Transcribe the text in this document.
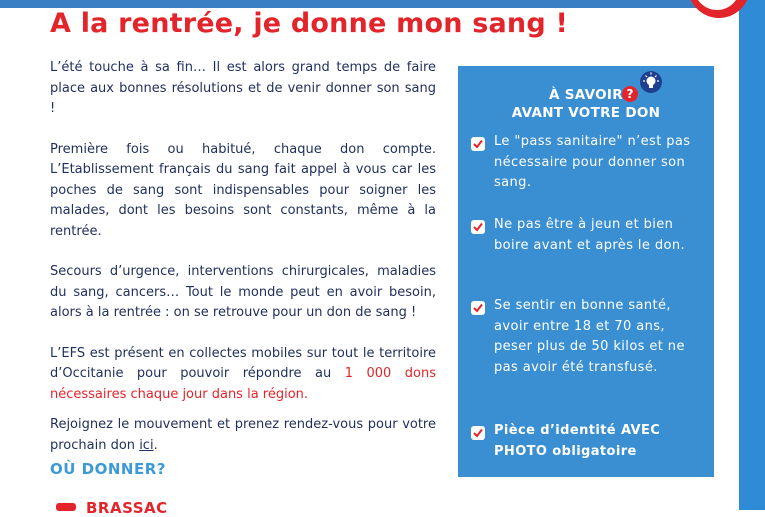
A la rentrée, je donne mon sang !

L’été touche à sa fin… Il est alors grand temps de faire place aux bonnes résolutions et de venir donner son sang !

Première fois ou habitué, chaque don compte. L’Etablissement français du sang fait appel à vous car les poches de sang sont indispensables pour soigner les malades, dont les besoins sont constants, même à la rentrée.

Secours d’urgence, interventions chirurgicales, maladies du sang, cancers… Tout le monde peut en avoir besoin, alors à la rentrée : on se retrouve pour un don de sang !

L’EFS est présent en collectes mobiles sur tout le territoire d’Occitanie pour pouvoir répondre au 1 000 dons nécessaires chaque jour dans la région.

Rejoignez le mouvement et prenez rendez-vous pour votre prochain don ici.

OÙ DONNER?
BRASSAC
?
À SAVOIR
AVANT VOTRE DON
Le "pass sanitaire" n’est pas nécessaire pour donner son sang.
Ne pas être à jeun et bien boire avant et après le don.
Se sentir en bonne santé, avoir entre 18 et 70 ans, peser plus de 50 kilos et ne pas avoir été transfusé.
Pièce d’identité AVEC PHOTO obligatoire
